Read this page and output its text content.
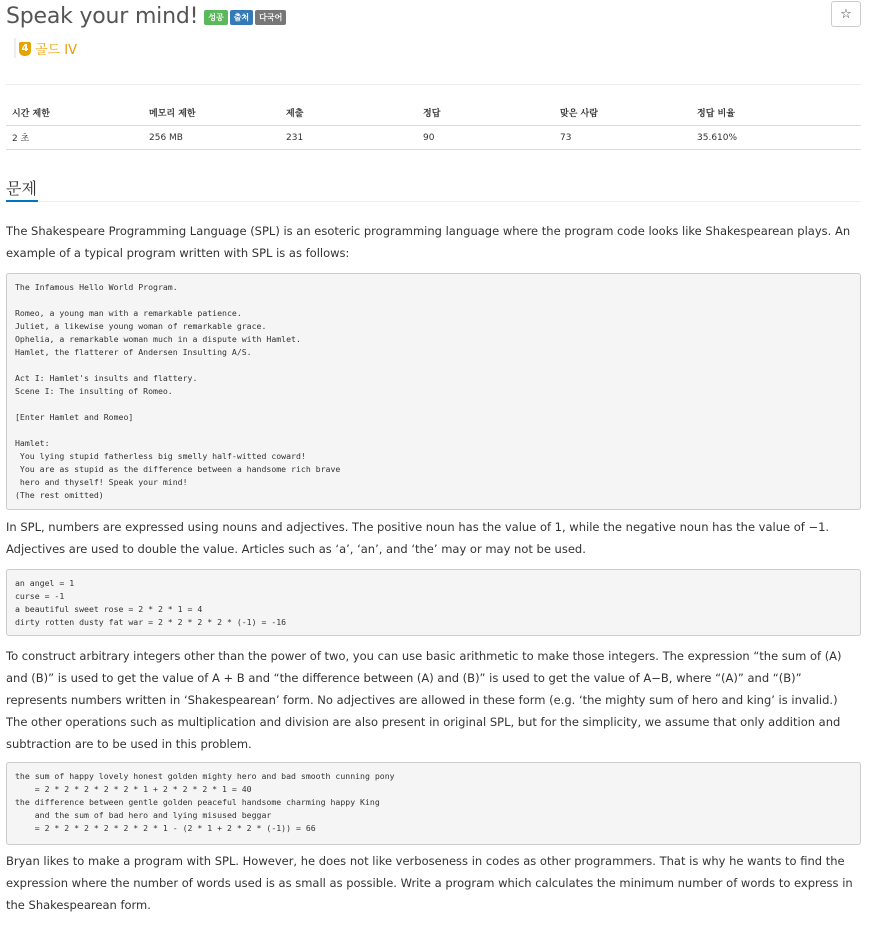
Speak your mind!	성공	출처	다국어	☆
4 골드 IV
시간 제한	메모리 제한	제출	정답	맞은 사람	정답 비율
2 초	256 MB	231	90	73	35.610%
문제
The Shakespeare Programming Language (SPL) is an esoteric programming language where the program code looks like Shakespearean plays. An example of a typical program written with SPL is as follows:
The Infamous Hello World Program.

Romeo, a young man with a remarkable patience.
Juliet, a likewise young woman of remarkable grace.
Ophelia, a remarkable woman much in a dispute with Hamlet.
Hamlet, the flatterer of Andersen Insulting A/S.

Act I: Hamlet's insults and flattery.
Scene I: The insulting of Romeo.

[Enter Hamlet and Romeo]

Hamlet:
You lying stupid fatherless big smelly half-witted coward!
You are as stupid as the difference between a handsome rich brave
hero and thyself! Speak your mind!
(The rest omitted)
In SPL, numbers are expressed using nouns and adjectives. The positive noun has the value of 1, while the negative noun has the value of −1. Adjectives are used to double the value. Articles such as ‘a’, ‘an’, and ‘the’ may or may not be used.
an angel = 1
curse = -1
a beautiful sweet rose = 2 * 2 * 1 = 4
dirty rotten dusty fat war = 2 * 2 * 2 * 2 * (-1) = -16
To construct arbitrary integers other than the power of two, you can use basic arithmetic to make those integers. The expression “the sum of (A) and (B)” is used to get the value of A + B and “the difference between (A) and (B)” is used to get the value of A−B, where “(A)” and “(B)” represents numbers written in ‘Shakespearean’ form. No adjectives are allowed in these form (e.g. ‘the mighty sum of hero and king’ is invalid.) The other operations such as multiplication and division are also present in original SPL, but for the simplicity, we assume that only addition and subtraction are to be used in this problem.
the sum of happy lovely honest golden mighty hero and bad smooth cunning pony
= 2 * 2 * 2 * 2 * 2 * 1 + 2 * 2 * 2 * 1 = 40
the difference between gentle golden peaceful handsome charming happy King
and the sum of bad hero and lying misused beggar
= 2 * 2 * 2 * 2 * 2 * 2 * 1 - (2 * 1 + 2 * 2 * (-1)) = 66
Bryan likes to make a program with SPL. However, he does not like verboseness in codes as other programmers. That is why he wants to find the expression where the number of words used is as small as possible. Write a program which calculates the minimum number of words to express in the Shakespearean form.
